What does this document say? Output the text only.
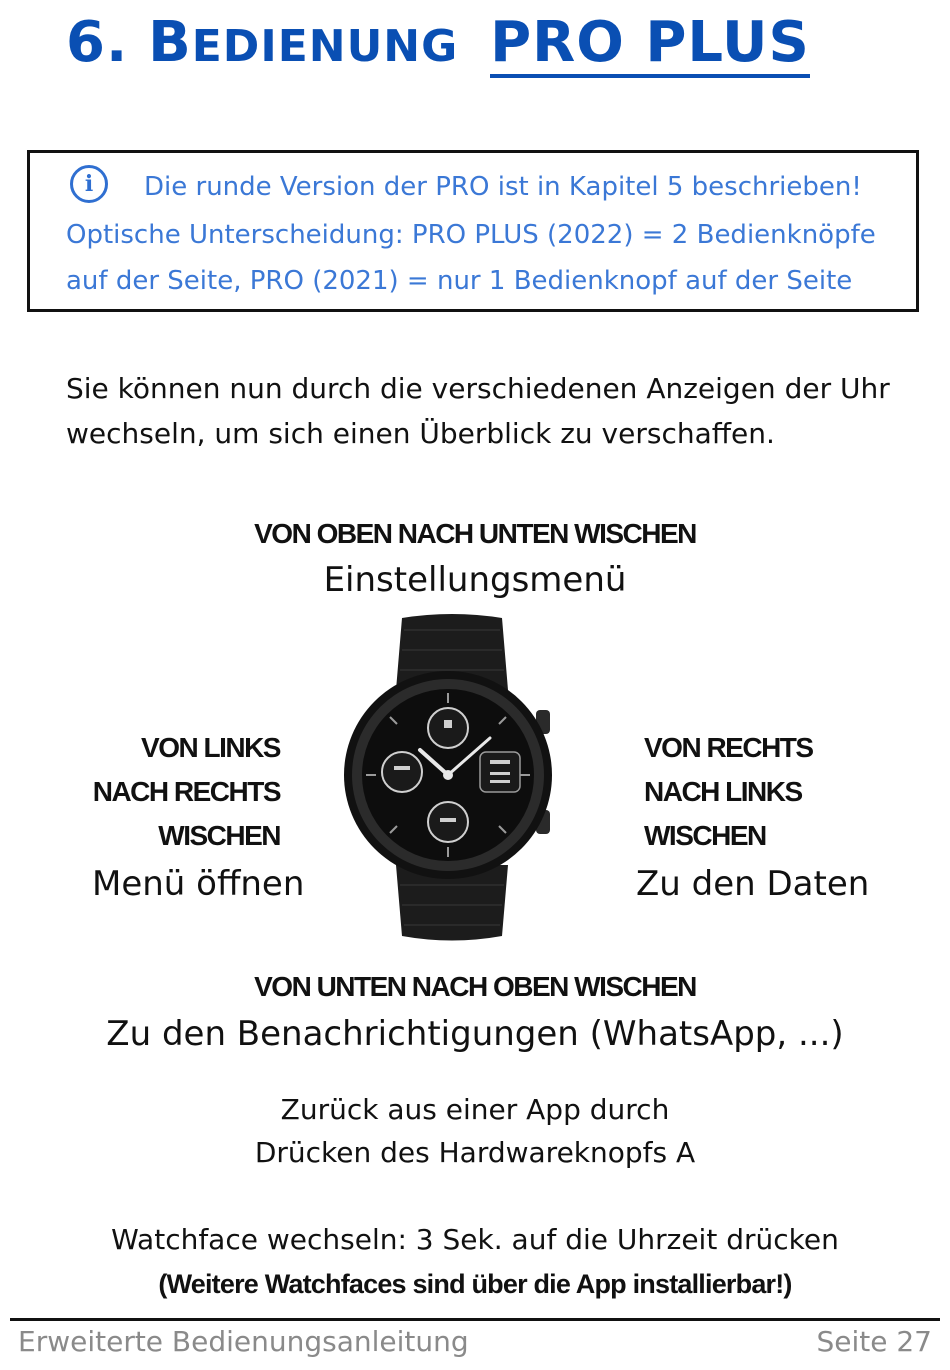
6. BEDIENUNG PRO PLUS
i	Die runde Version der PRO ist in Kapitel 5 beschrieben!
Optische Unterscheidung: PRO PLUS (2022) = 2 Bedienknöpfe
auf der Seite, PRO (2021) = nur 1 Bedienknopf auf der Seite
Sie können nun durch die verschiedenen Anzeigen der Uhr
wechseln, um sich einen Überblick zu verschaffen.
VON OBEN NACH UNTEN WISCHEN
Einstellungsmenü
VON LINKS
NACH RECHTS
WISCHEN
Menü öffnen
VON RECHTS
NACH LINKS
WISCHEN
Zu den Daten
VON UNTEN NACH OBEN WISCHEN
Zu den Benachrichtigungen (WhatsApp, ...)
Zurück aus einer App durch
Drücken des Hardwareknopfs A
Watchface wechseln: 3 Sek. auf die Uhrzeit drücken
(Weitere Watchfaces sind über die App installierbar!)
Erweiterte Bedienungsanleitung	Seite 27
